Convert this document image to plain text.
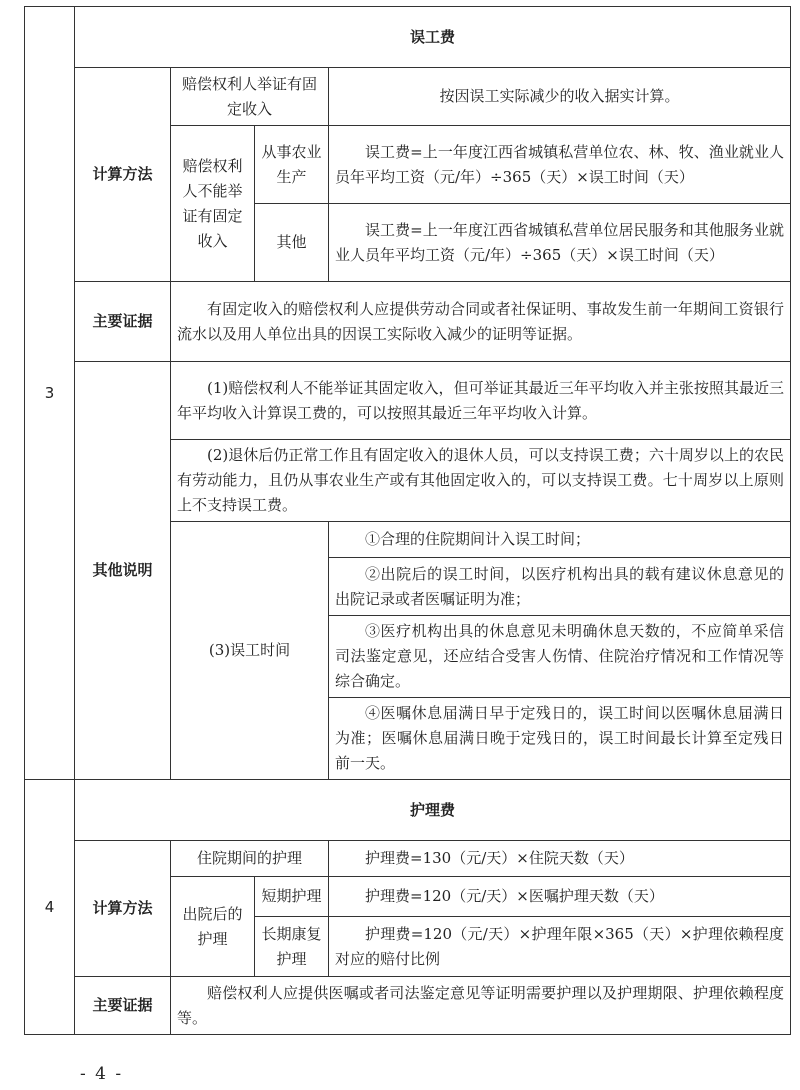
3	误工费			
	计算方法	赔偿权利人举证有固定收入		按因误工实际减少的收入据实计算。
		赔偿权利人不能举证有固定收入	从事农业生产	误工费=上一年度江西省城镇私营单位农、林、牧、渔业就业人员年平均工资（元/年）÷365（天）×误工时间（天）
			其他	误工费=上一年度江西省城镇私营单位居民服务和其他服务业就业人员年平均工资（元/年）÷365（天）×误工时间（天）
	主要证据	有固定收入的赔偿权利人应提供劳动合同或者社保证明、事故发生前一年期间工资银行流水以及用人单位出具的因误工实际收入减少的证明等证据。		
	其他说明	(1)赔偿权利人不能举证其固定收入，但可举证其最近三年平均收入并主张按照其最近三年平均收入计算误工费的，可以按照其最近三年平均收入计算。		
		(2)退休后仍正常工作且有固定收入的退休人员，可以支持误工费；六十周岁以上的农民有劳动能力，且仍从事农业生产或有其他固定收入的，可以支持误工费。七十周岁以上原则上不支持误工费。		
		(3)误工时间		①合理的住院期间计入误工时间；
				②出院后的误工时间，以医疗机构出具的载有建议休息意见的出院记录或者医嘱证明为准；
				③医疗机构出具的休息意见未明确休息天数的，不应简单采信司法鉴定意见，还应结合受害人伤情、住院治疗情况和工作情况等综合确定。
				④医嘱休息届满日早于定残日的，误工时间以医嘱休息届满日为准；医嘱休息届满日晚于定残日的，误工时间最长计算至定残日前一天。
4	护理费			
	计算方法	住院期间的护理		护理费=130（元/天）×住院天数（天）
		出院后的护理	短期护理	护理费=120（元/天）×医嘱护理天数（天）
			长期康复护理	护理费=120（元/天）×护理年限×365（天）×护理依赖程度对应的赔付比例
	主要证据	赔偿权利人应提供医嘱或者司法鉴定意见等证明需要护理以及护理期限、护理依赖程度等。		
- 4 -
